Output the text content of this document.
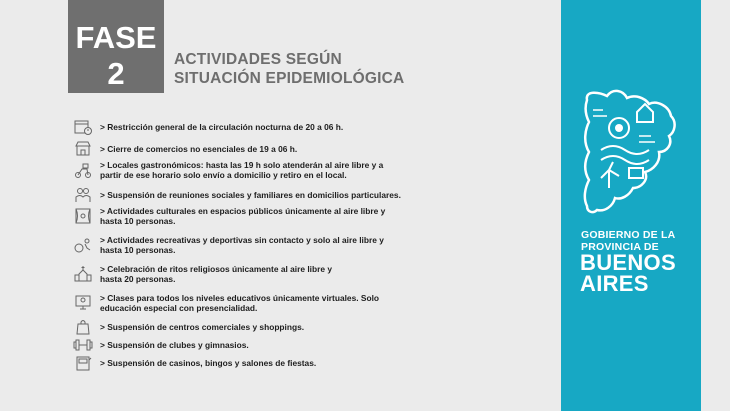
FASE
2	ACTIVIDADES SEGÚN
SITUACIÓN EPIDEMIOLÓGICA
> Restricción general de la circulación nocturna de 20 a 06 h.
> Cierre de comercios no esenciales de 19 a 06 h.
> Locales gastronómicos: hasta las 19 h solo atenderán al aire libre y a
partir de ese horario solo envío a domicilio y retiro en el local.
> Suspensión de reuniones sociales y familiares en domicilios particulares.
> Actividades culturales en espacios públicos únicamente al aire libre y
hasta 10 personas.
> Actividades recreativas y deportivas sin contacto y solo al aire libre y
hasta 10 personas.
> Celebración de ritos religiosos únicamente al aire libre y
hasta 20 personas.
> Clases para todos los niveles educativos únicamente virtuales. Solo
educación especial con presencialidad.
> Suspensión de centros comerciales y shoppings.
> Suspensión de clubes y gimnasios.
> Suspensión de casinos, bingos y salones de fiestas.
GOBIERNO DE LA
PROVINCIA DE
BUENOS
AIRES
